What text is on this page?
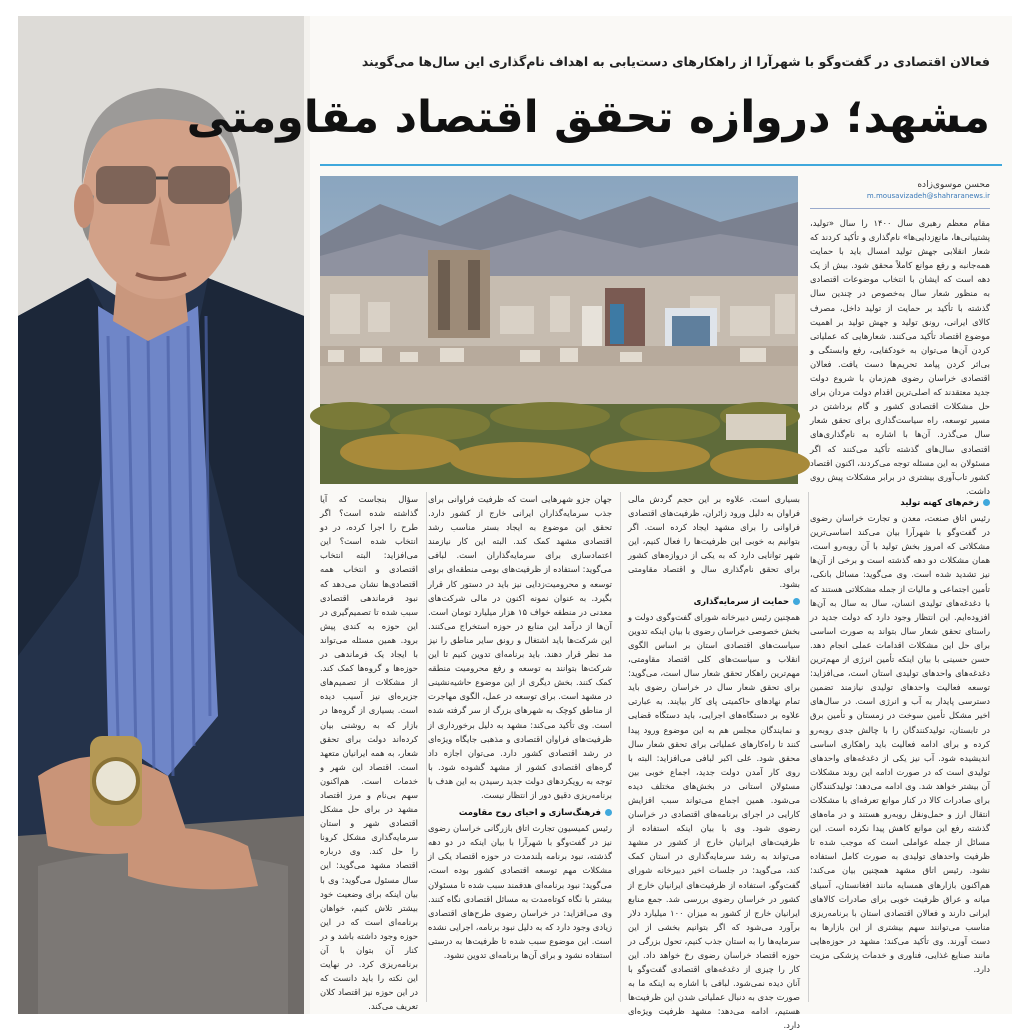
فعالان اقتصادی در گفت‌وگو با شهرآرا از راهکارهای دست‌یابی به اهداف نام‌گذاری این سال‌ها می‌گویند
مشهد؛ دروازه تحقق اقتصاد مقاومتی
محسن موسوی‌زاده
m.mousavizadeh@shahraranews.ir

مقام معظم رهبری سال ۱۴۰۰ را سال «تولید، پشتیبانی‌ها، مانع‌زدایی‌ها» نام‌گذاری و تأکید کردند که شعار انقلابی جهش تولید امسال باید با حمایت همه‌جانبه و رفع موانع کاملاً محقق شود. بیش از یک دهه است که ایشان با انتخاب موضوعات اقتصادی به منظور شعار سال به‌خصوص در چندین سال گذشته با تأکید بر حمایت از تولید داخل، مصرف کالای ایرانی، رونق تولید و جهش تولید بر اهمیت موضوع اقتصاد تأکید می‌کنند. شعارهایی که عملیاتی کردن آن‌ها می‌توان به خودکفایی، رفع وابستگی و بی‌اثر کردن پیامد تحریم‌ها دست یافت. فعالان اقتصادی خراسان رضوی هم‌زمان با شروع دولت جدید معتقدند که اصلی‌ترین اقدام دولت مردان برای حل مشکلات اقتصادی کشور و گام برداشتن در مسیر توسعه، راه سیاست‌گذاری برای تحقق شعار سال می‌گذرد. آن‌ها با اشاره به نام‌گذاری‌های اقتصادی سال‌های گذشته تأکید می‌کنند که اگر مسئولان به این مسئله توجه می‌کردند، اکنون اقتصاد کشور تاب‌آوری بیشتری در برابر مشکلات پیش روی داشت.

زخم‌های کهنه تولید

رئیس اتاق صنعت، معدن و تجارت خراسان رضوی در گفت‌وگو با شهرآرا بیان می‌کند اساسی‌ترین مشکلاتی که امروز بخش تولید با آن روبه‌رو است، همان مشکلات دو دهه گذشته است و برخی از آن‌ها نیز تشدید شده است. وی می‌گوید: مسائل بانکی، تأمین اجتماعی و مالیات از جمله مشکلاتی هستند که با دغدغه‌های تولیدی انسان، سال به سال به آن‌ها افزوده‌ایم. این انتظار وجود دارد که دولت جدید در راستای تحقق شعار سال بتواند به صورت اساسی برای حل این مشکلات اقدامات عملی انجام دهد. حسن حسینی با بیان اینکه تأمین انرژی از مهم‌ترین دغدغه‌های واحدهای تولیدی استان است، می‌افزاید: توسعه فعالیت واحدهای تولیدی نیازمند تضمین دسترسی پایدار به آب و انرژی است. در سال‌های اخیر مشکل تأمین سوخت در زمستان و تأمین برق در تابستان، تولیدکنندگان را با چالش جدی روبه‌رو کرده و برای ادامه فعالیت باید راهکاری اساسی اندیشیده شود. آب نیز یکی از دغدغه‌های واحدهای تولیدی است که در صورت ادامه این روند مشکلات آن بیشتر خواهد شد. وی ادامه می‌دهد: تولیدکنندگان برای صادرات کالا در کنار موانع تعرفه‌ای با مشکلات انتقال ارز و حمل‌ونقل روبه‌رو هستند و در ماه‌های گذشته رفع این موانع کاهش پیدا نکرده است. این مسائل از جمله عواملی است که موجب شده تا ظرفیت واحدهای تولیدی به صورت کامل استفاده نشود. رئیس اتاق مشهد همچنین بیان می‌کند: هم‌اکنون بازارهای همسایه مانند افغانستان، آسیای میانه و عراق ظرفیت خوبی برای صادرات کالاهای ایرانی دارند و فعالان اقتصادی استان با برنامه‌ریزی مناسب می‌توانند سهم بیشتری از این بازارها به دست آورند. وی تأکید می‌کند: مشهد در حوزه‌هایی مانند صنایع غذایی، فناوری و خدمات پزشکی مزیت دارد.

بسیاری است. علاوه بر این حجم گردش مالی فراوان به دلیل ورود زائران، ظرفیت‌های اقتصادی فراوانی را برای مشهد ایجاد کرده است. اگر بتوانیم به خوبی این ظرفیت‌ها را فعال کنیم، این شهر توانایی دارد که به یکی از دروازه‌های کشور برای تحقق نام‌گذاری سال و اقتصاد مقاومتی بشود.

حمایت از سرمایه‌گذاری

همچنین رئیس دبیرخانه شورای گفت‌وگوی دولت و بخش خصوصی خراسان رضوی با بیان اینکه تدوین سیاست‌های اقتصادی استان بر اساس الگوی انقلاب و سیاست‌های کلی اقتصاد مقاومتی، مهم‌ترین راهکار تحقق شعار سال است، می‌گوید: برای تحقق شعار سال در خراسان رضوی باید تمام نهادهای حاکمیتی پای کار بیایند. به عبارتی علاوه بر دستگاه‌های اجرایی، باید دستگاه قضایی و نمایندگان مجلس هم به این موضوع ورود پیدا کنند تا راه‌کارهای عملیاتی برای تحقق شعار سال محقق شود. علی اکبر لبافی می‌افزاید: البته با روی کار آمدن دولت جدید، اجماع خوبی بین مسئولان استانی در بخش‌های مختلف دیده می‌شود. همین اجماع می‌تواند سبب افزایش کارایی در اجرای برنامه‌های اقتصادی در خراسان رضوی شود. وی با بیان اینکه استفاده از ظرفیت‌های ایرانیان خارج از کشور در مشهد می‌تواند به رشد سرمایه‌گذاری در استان کمک کند، می‌گوید: در جلسات اخیر دبیرخانه شورای گفت‌وگو، استفاده از ظرفیت‌های ایرانیان خارج از کشور در خراسان رضوی بررسی شد. جمع منابع ایرانیان خارج از کشور به میزان ۱۰۰ میلیارد دلار برآورد می‌شود که اگر بتوانیم بخشی از این سرمایه‌ها را به استان جذب کنیم، تحول بزرگی در حوزه اقتصاد خراسان رضوی رخ خواهد داد. این کار را چیزی از دغدغه‌های اقتصادی گفت‌وگو با آنان دیده نمی‌شود. لبافی با اشاره به اینکه ما به صورت جدی به دنبال عملیاتی شدن این ظرفیت‌ها هستیم، ادامه می‌دهد: مشهد ظرفیت ویژه‌ای دارد.

جهان جزو شهرهایی است که ظرفیت فراوانی برای جذب سرمایه‌گذاران ایرانی خارج از کشور دارد. تحقق این موضوع به ایجاد بستر مناسب رشد اقتصادی مشهد کمک کند. البته این کار نیازمند اعتمادسازی برای سرمایه‌گذاران است. لبافی می‌گوید: استفاده از ظرفیت‌های بومی منطقه‌ای برای توسعه و محرومیت‌زدایی نیز باید در دستور کار قرار بگیرد. به عنوان نمونه اکنون در مالی شرکت‌های معدنی در منطقه خواف ۱۵ هزار میلیارد تومان است. آن‌ها از درآمد این منابع در حوزه استخراج می‌کنند. این شرکت‌ها باید اشتغال و رونق سایر مناطق را نیز مد نظر قرار دهند. باید برنامه‌ای تدوین کنیم تا این شرکت‌ها بتوانند به توسعه و رفع محرومیت منطقه کمک کنند. بخش دیگری از این موضوع حاشیه‌نشینی در مشهد است. برای توسعه در عمل، الگوی مهاجرت از مناطق کوچک به شهرهای بزرگ از سر گرفته شده است. وی تأکید می‌کند: مشهد به دلیل برخورداری از ظرفیت‌های فراوان اقتصادی و مذهبی جایگاه ویژه‌ای در رشد اقتصادی کشور دارد. می‌توان اجازه داد گره‌های اقتصادی کشور از مشهد گشوده شود. با توجه به رویکردهای دولت جدید رسیدن به این هدف با برنامه‌ریزی دقیق دور از انتظار نیست.

فرهنگ‌سازی و احیای روح مقاومت

رئیس کمیسیون تجارت اتاق بازرگانی خراسان رضوی نیز در گفت‌وگو با شهرآرا با بیان اینکه در دو دهه گذشته، نبود برنامه بلندمدت در حوزه اقتصاد یکی از مشکلات مهم توسعه اقتصادی کشور بوده است، می‌گوید: نبود برنامه‌ای هدفمند سبب شده تا مسئولان بیشتر با نگاه کوتاه‌مدت به مسائل اقتصادی نگاه کنند. وی می‌افزاید: در خراسان رضوی طرح‌های اقتصادی زیادی وجود دارد که به دلیل نبود برنامه، اجرایی نشده است. این موضوع سبب شده تا ظرفیت‌ها به درستی استفاده نشود و برای آن‌ها برنامه‌ای تدوین نشود.

سؤال بنجاست که آیا گذاشته شده است؟ اگر طرح را اجرا کرده، در دو انتخاب شده است؟ این می‌افزاید: البته انتخاب اقتصادی و انتخاب همه اقتصادی‌ها نشان می‌دهد که نبود فرماندهی اقتصادی سبب شده تا تصمیم‌گیری در این حوزه به کندی پیش برود. همین مسئله می‌تواند با ایجاد یک فرماندهی در حوزه‌ها و گروه‌ها کمک کند. از مشکلات از تصمیم‌های جزیره‌ای نیز آسیب دیده است. بسیاری از گروه‌ها در بازار که به روشنی بیان کرده‌اند دولت برای تحقق شعار، به همه ایرانیان متعهد است. اقتصاد این شهر و خدمات است. هم‌اکنون سهم بی‌نام و مرز اقتصاد مشهد در برای حل مشکل اقتصادی شهر و استان سرمایه‌گذاری مشکل کرونا را حل کند. وی درباره اقتصاد مشهد می‌گوید: این سال مسئول می‌گوید: وی با بیان اینکه برای وضعیت خود بیشتر تلاش کنیم، خواهان برنامه‌ای است که در این حوزه وجود داشته باشد و در کنار آن بتوان با آن برنامه‌ریزی کرد. در نهایت این نکته را باید دانست که در این حوزه نیز اقتصاد کلان تعریف می‌کند.
